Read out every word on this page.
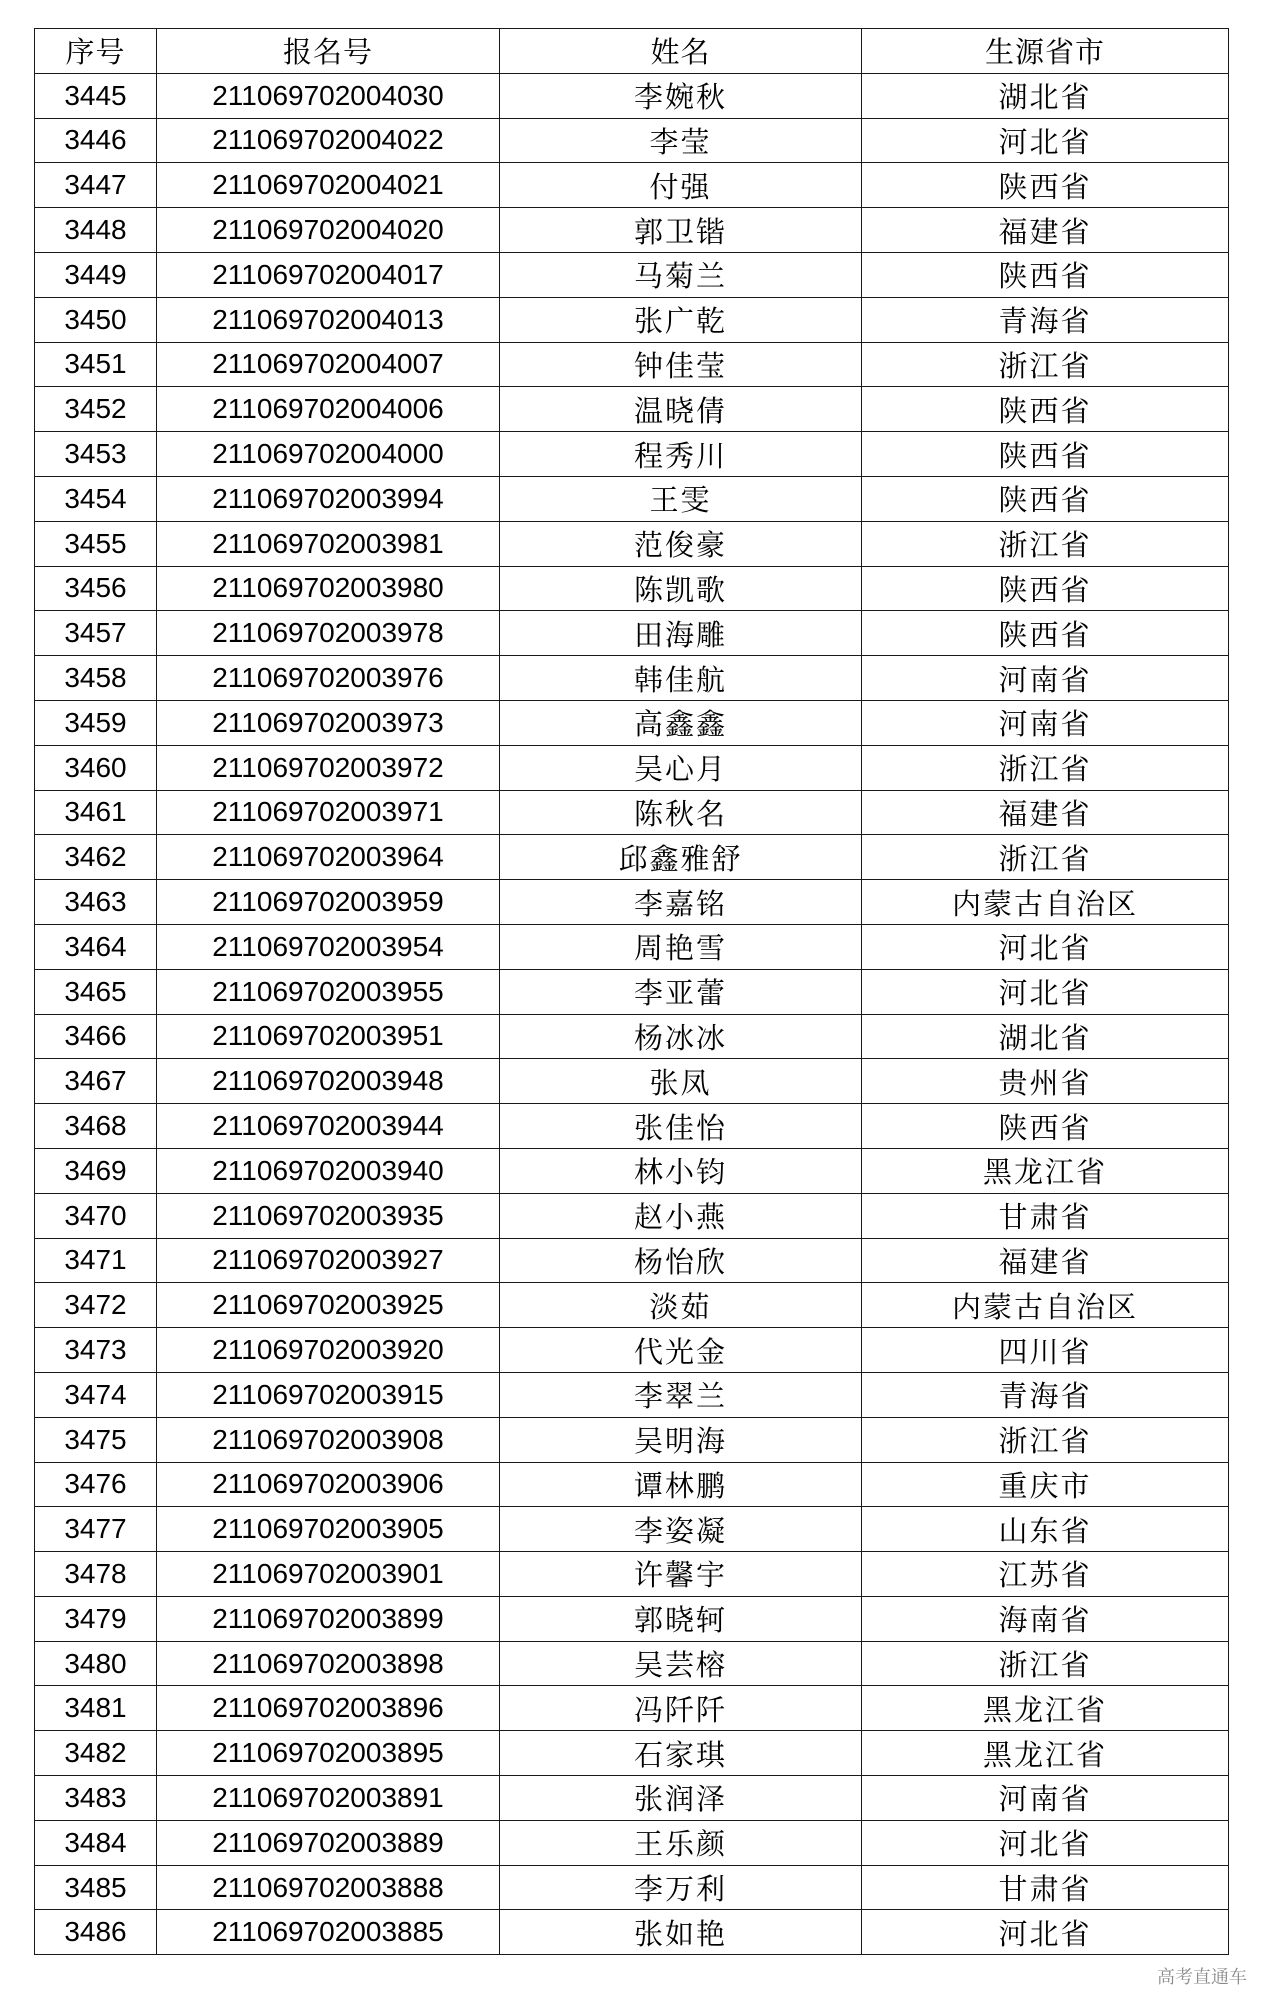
序号	报名号	姓名	生源省市
3445	211069702004030	李婉秋	湖北省
3446	211069702004022	李莹	河北省
3447	211069702004021	付强	陕西省
3448	211069702004020	郭卫锴	福建省
3449	211069702004017	马菊兰	陕西省
3450	211069702004013	张广乾	青海省
3451	211069702004007	钟佳莹	浙江省
3452	211069702004006	温晓倩	陕西省
3453	211069702004000	程秀川	陕西省
3454	211069702003994	王雯	陕西省
3455	211069702003981	范俊豪	浙江省
3456	211069702003980	陈凯歌	陕西省
3457	211069702003978	田海雕	陕西省
3458	211069702003976	韩佳航	河南省
3459	211069702003973	高鑫鑫	河南省
3460	211069702003972	吴心月	浙江省
3461	211069702003971	陈秋名	福建省
3462	211069702003964	邱鑫雅舒	浙江省
3463	211069702003959	李嘉铭	内蒙古自治区
3464	211069702003954	周艳雪	河北省
3465	211069702003955	李亚蕾	河北省
3466	211069702003951	杨冰冰	湖北省
3467	211069702003948	张凤	贵州省
3468	211069702003944	张佳怡	陕西省
3469	211069702003940	林小钧	黑龙江省
3470	211069702003935	赵小燕	甘肃省
3471	211069702003927	杨怡欣	福建省
3472	211069702003925	淡茹	内蒙古自治区
3473	211069702003920	代光金	四川省
3474	211069702003915	李翠兰	青海省
3475	211069702003908	吴明海	浙江省
3476	211069702003906	谭林鹏	重庆市
3477	211069702003905	李姿凝	山东省
3478	211069702003901	许馨宇	江苏省
3479	211069702003899	郭晓轲	海南省
3480	211069702003898	吴芸榕	浙江省
3481	211069702003896	冯阡阡	黑龙江省
3482	211069702003895	石家琪	黑龙江省
3483	211069702003891	张润泽	河南省
3484	211069702003889	王乐颜	河北省
3485	211069702003888	李万利	甘肃省
3486	211069702003885	张如艳	河北省
高考直通车
